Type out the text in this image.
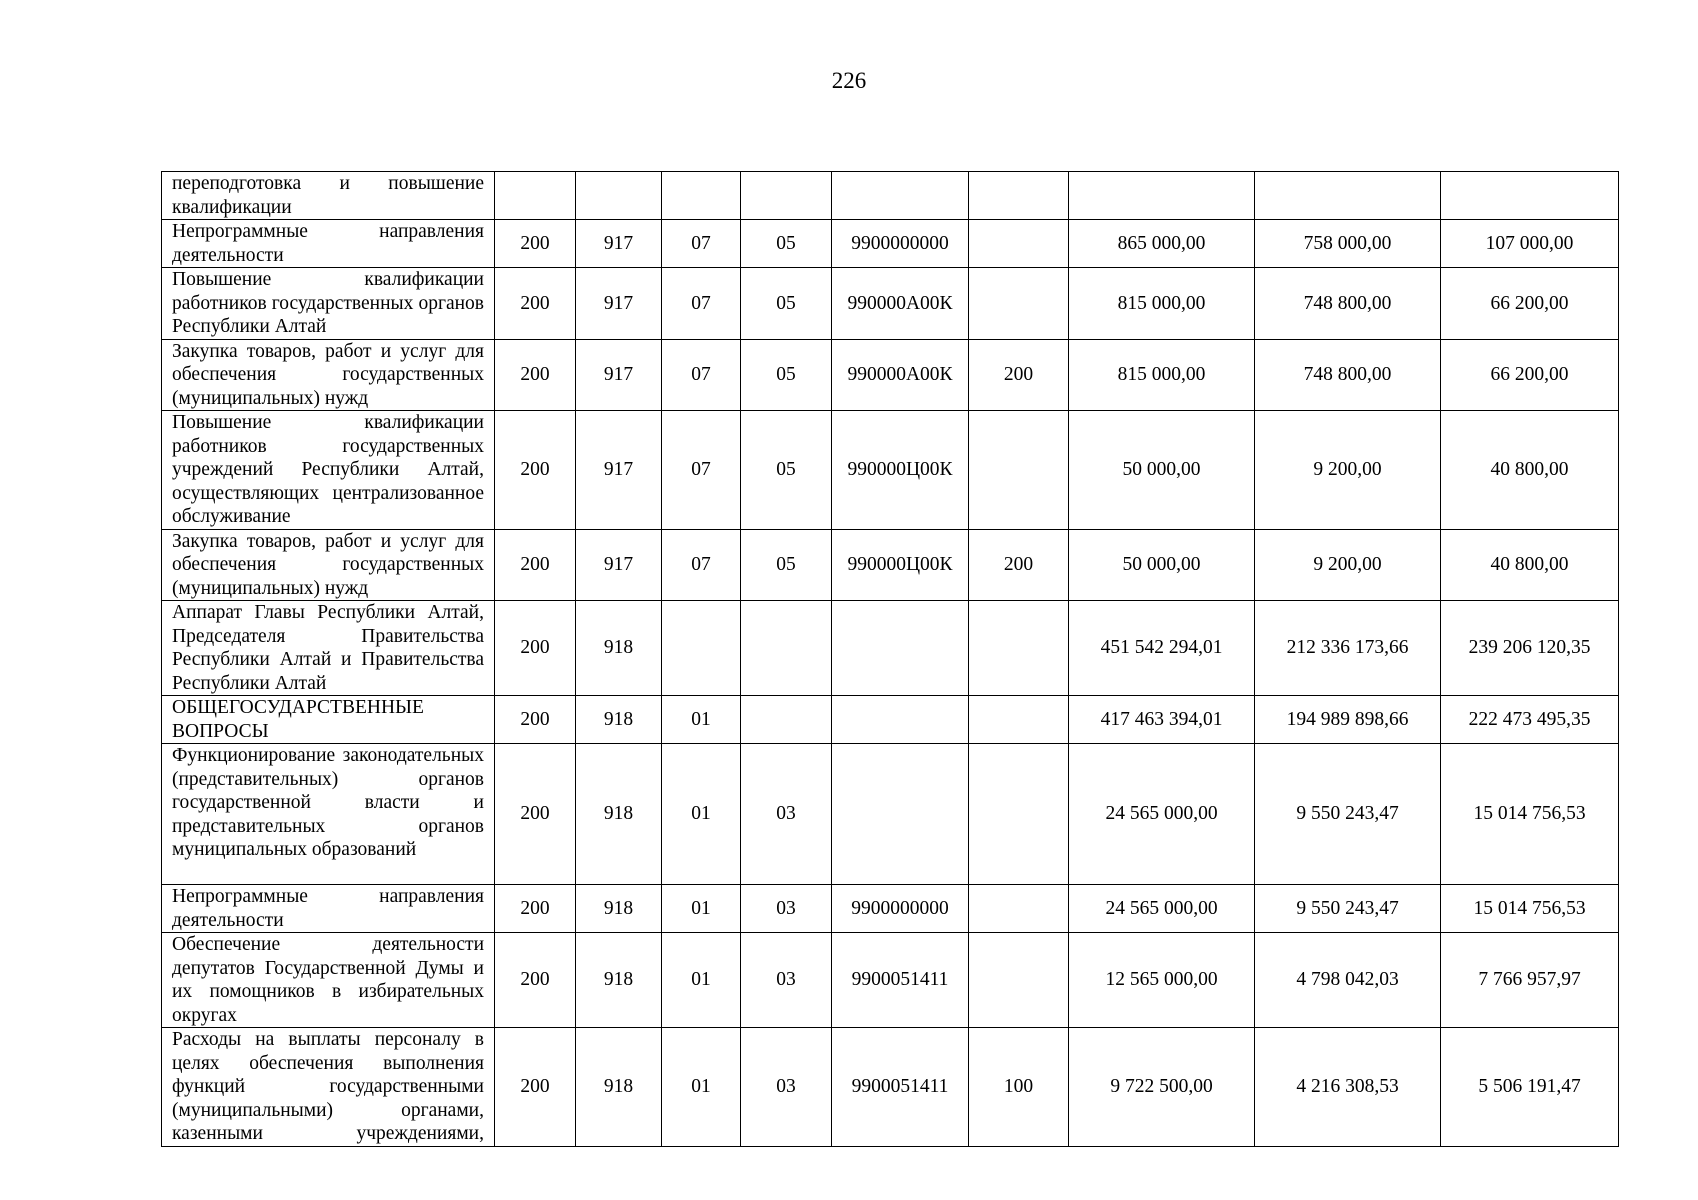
226
переподготовка и повышение квалификации									
Непрограммные направления деятельности	200	917	07	05	9900000000		865 000,00	758 000,00	107 000,00
Повышение квалификации работников государственных органов Республики Алтай	200	917	07	05	990000А00К		815 000,00	748 800,00	66 200,00
Закупка товаров, работ и услуг для обеспечения государственных (муниципальных) нужд	200	917	07	05	990000А00К	200	815 000,00	748 800,00	66 200,00
Повышение квалификации работников государственных учреждений Республики Алтай, осуществляющих централизованное обслуживание	200	917	07	05	990000Ц00К		50 000,00	9 200,00	40 800,00
Закупка товаров, работ и услуг для обеспечения государственных (муниципальных) нужд	200	917	07	05	990000Ц00К	200	50 000,00	9 200,00	40 800,00
Аппарат Главы Республики Алтай, Председателя Правительства Республики Алтай и Правительства Республики Алтай	200	918					451 542 294,01	212 336 173,66	239 206 120,35
ОБЩЕГОСУДАРСТВЕННЫЕ ВОПРОСЫ	200	918	01				417 463 394,01	194 989 898,66	222 473 495,35
Функционирование законодательных (представительных) органов государственной власти и представительных органов муниципальных образований	200	918	01	03			24 565 000,00	9 550 243,47	15 014 756,53
Непрограммные направления деятельности	200	918	01	03	9900000000		24 565 000,00	9 550 243,47	15 014 756,53
Обеспечение деятельности депутатов Государственной Думы и их помощников в избирательных округах	200	918	01	03	9900051411		12 565 000,00	4 798 042,03	7 766 957,97
Расходы на выплаты персоналу в целях обеспечения выполнения функций государственными (муниципальными) органами, казенными учреждениями,	200	918	01	03	9900051411	100	9 722 500,00	4 216 308,53	5 506 191,47
